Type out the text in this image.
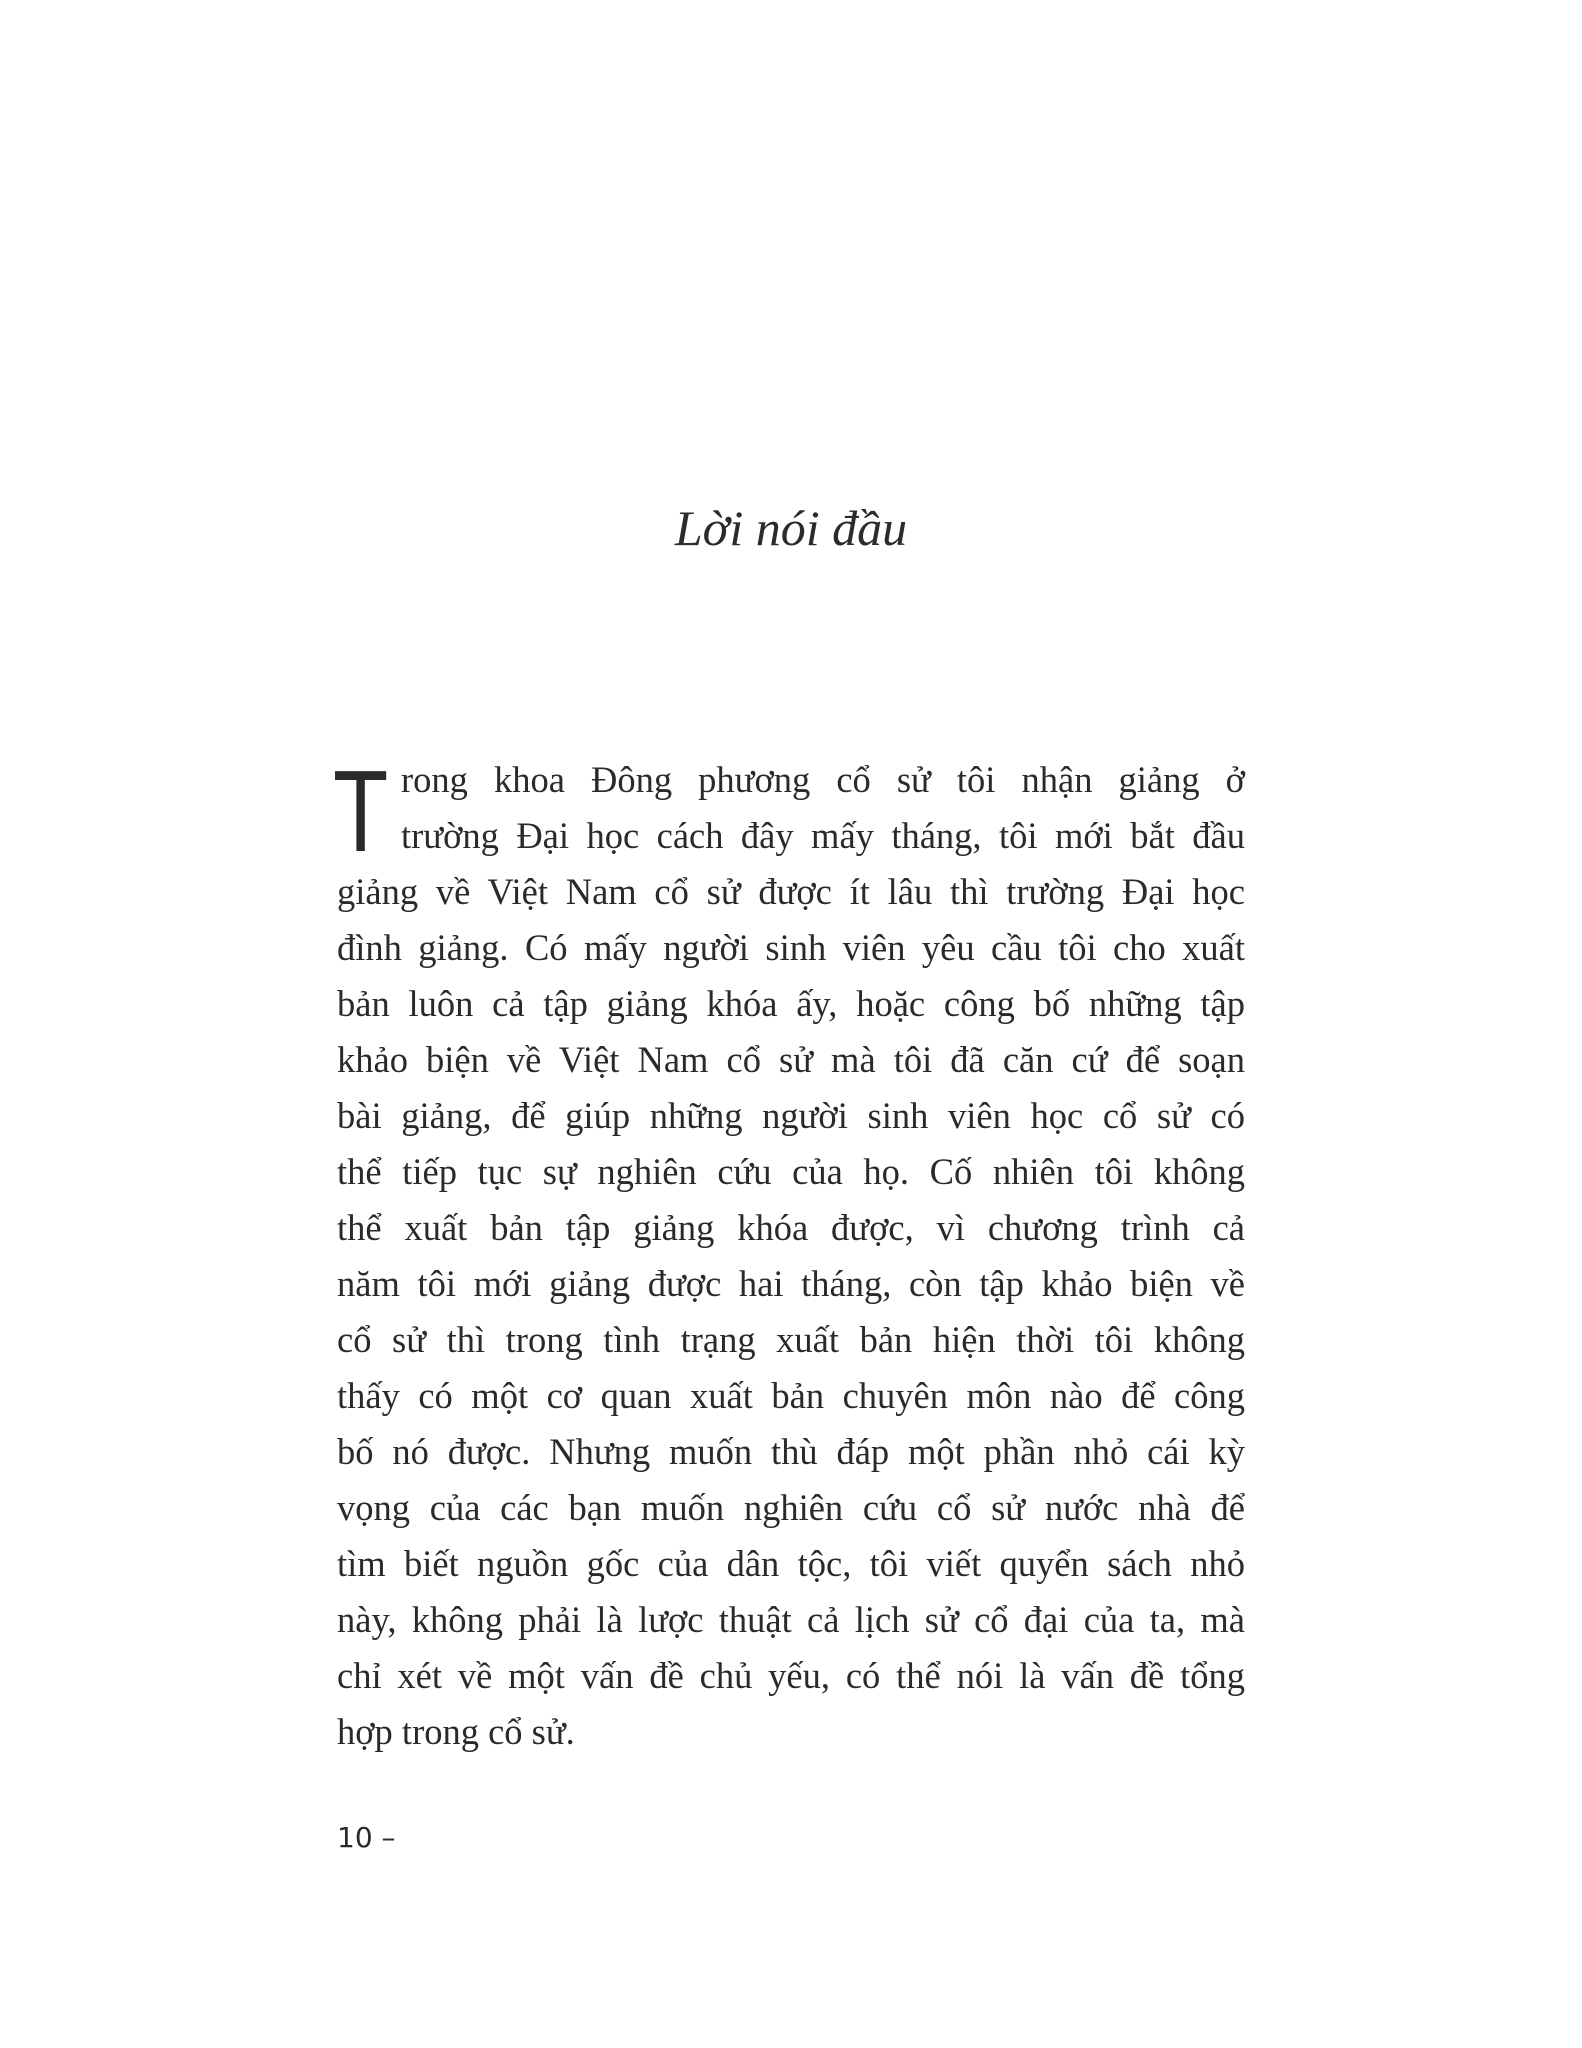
Lời nói đầu
T rong khoa Đông phương cổ sử tôi nhận giảng ở
trường Đại học cách đây mấy tháng, tôi mới bắt đầu
giảng về Việt Nam cổ sử được ít lâu thì trường Đại học
đình giảng. Có mấy người sinh viên yêu cầu tôi cho xuất
bản luôn cả tập giảng khóa ấy, hoặc công bố những tập
khảo biện về Việt Nam cổ sử mà tôi đã căn cứ để soạn
bài giảng, để giúp những người sinh viên học cổ sử có
thể tiếp tục sự nghiên cứu của họ. Cố nhiên tôi không
thể xuất bản tập giảng khóa được, vì chương trình cả
năm tôi mới giảng được hai tháng, còn tập khảo biện về
cổ sử thì trong tình trạng xuất bản hiện thời tôi không
thấy có một cơ quan xuất bản chuyên môn nào để công
bố nó được. Nhưng muốn thù đáp một phần nhỏ cái kỳ
vọng của các bạn muốn nghiên cứu cổ sử nước nhà để
tìm biết nguồn gốc của dân tộc, tôi viết quyển sách nhỏ
này, không phải là lược thuật cả lịch sử cổ đại của ta, mà
chỉ xét về một vấn đề chủ yếu, có thể nói là vấn đề tổng
hợp trong cổ sử.
10 –
